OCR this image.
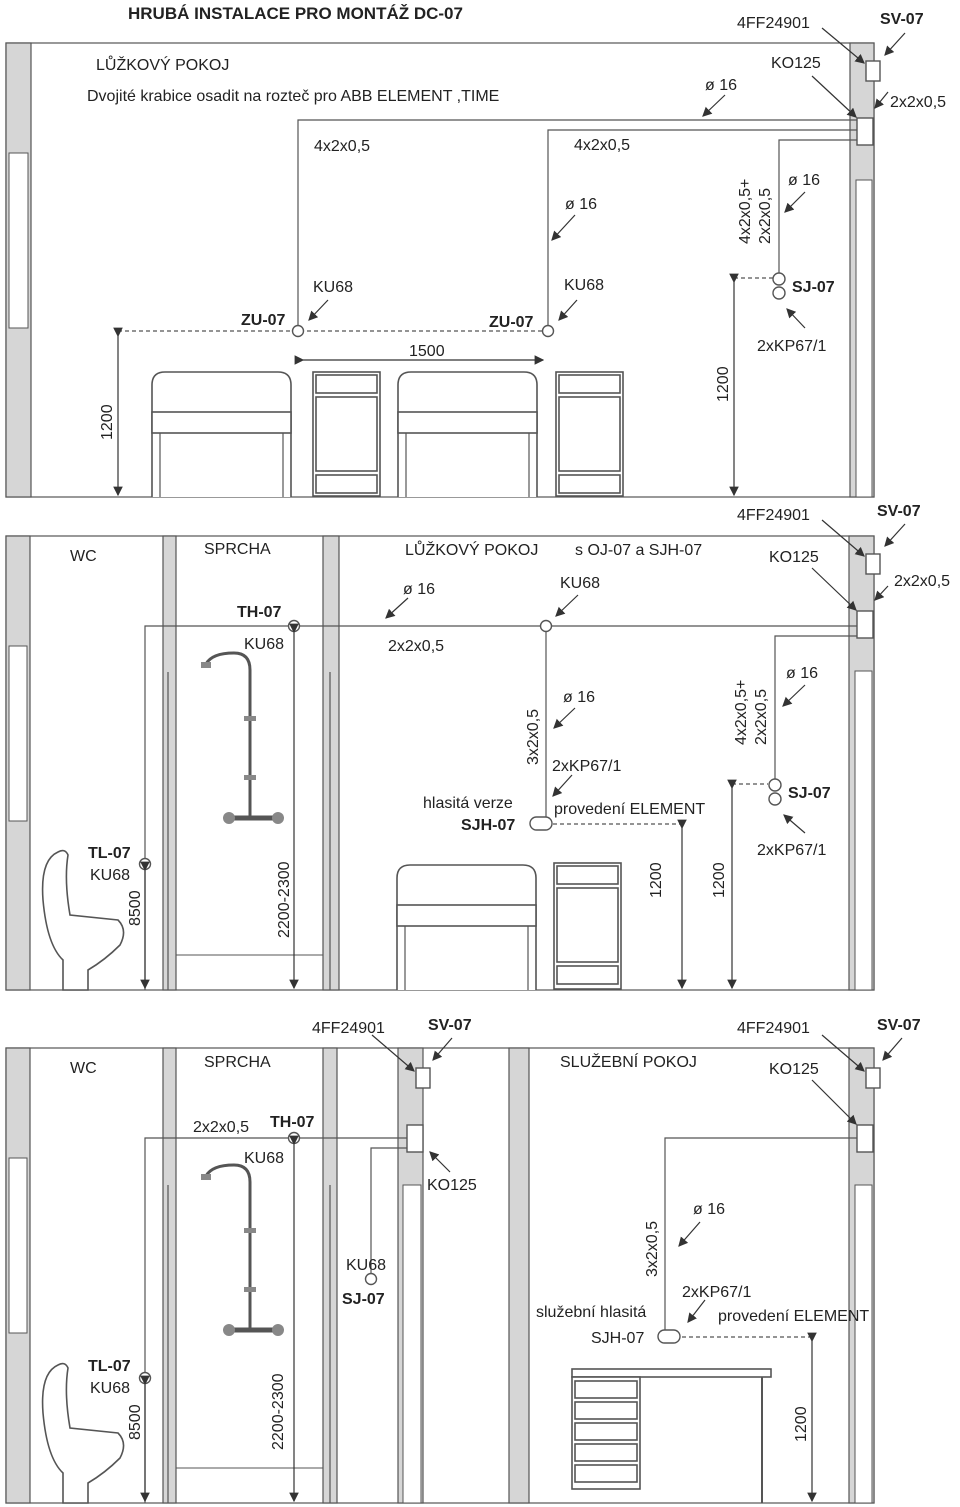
HRUBÁ INSTALACE PRO MONTÁŽ DC-07
LŮŽKOVÝ POKOJ
Dvojité krabice osadit na rozteč pro ABB ELEMENT ,TIME
4FF24901	SV-07
KO125
ø 16
2x2x0,5
4x2x0,5	4x2x0,5
ø 16
ø 16
4x2x0,5+ 2x2x0,5
KU68	KU68
ZU-07	ZU-07
SJ-07
2xKP67/1
1500
1200
1200
WC	SPRCHA	LŮŽKOVÝ POKOJ s OJ-07 a SJH-07
4FF24901	SV-07
KO125
2x2x0,5
TH-07
KU68
ø 16
2x2x0,5
KU68
3x2x0,5
ø 16
ø 16
4x2x0,5+ 2x2x0,5
2xKP67/1
hlasitá verze	provedení ELEMENT
SJH-07
SJ-07
2xKP67/1
TL-07
KU68
8500	2200-2300	1200	1200
WC	SPRCHA	SLUŽEBNÍ POKOJ
4FF24901	SV-07
2x2x0,5 TH-07
KU68
KO125
KU68
SJ-07
TL-07
KU68
8500	2200-2300
4FF24901	SV-07
KO125
ø 16
3x2x0,5
2xKP67/1
provedení ELEMENT
služební hlasitá
SJH-07
1200
